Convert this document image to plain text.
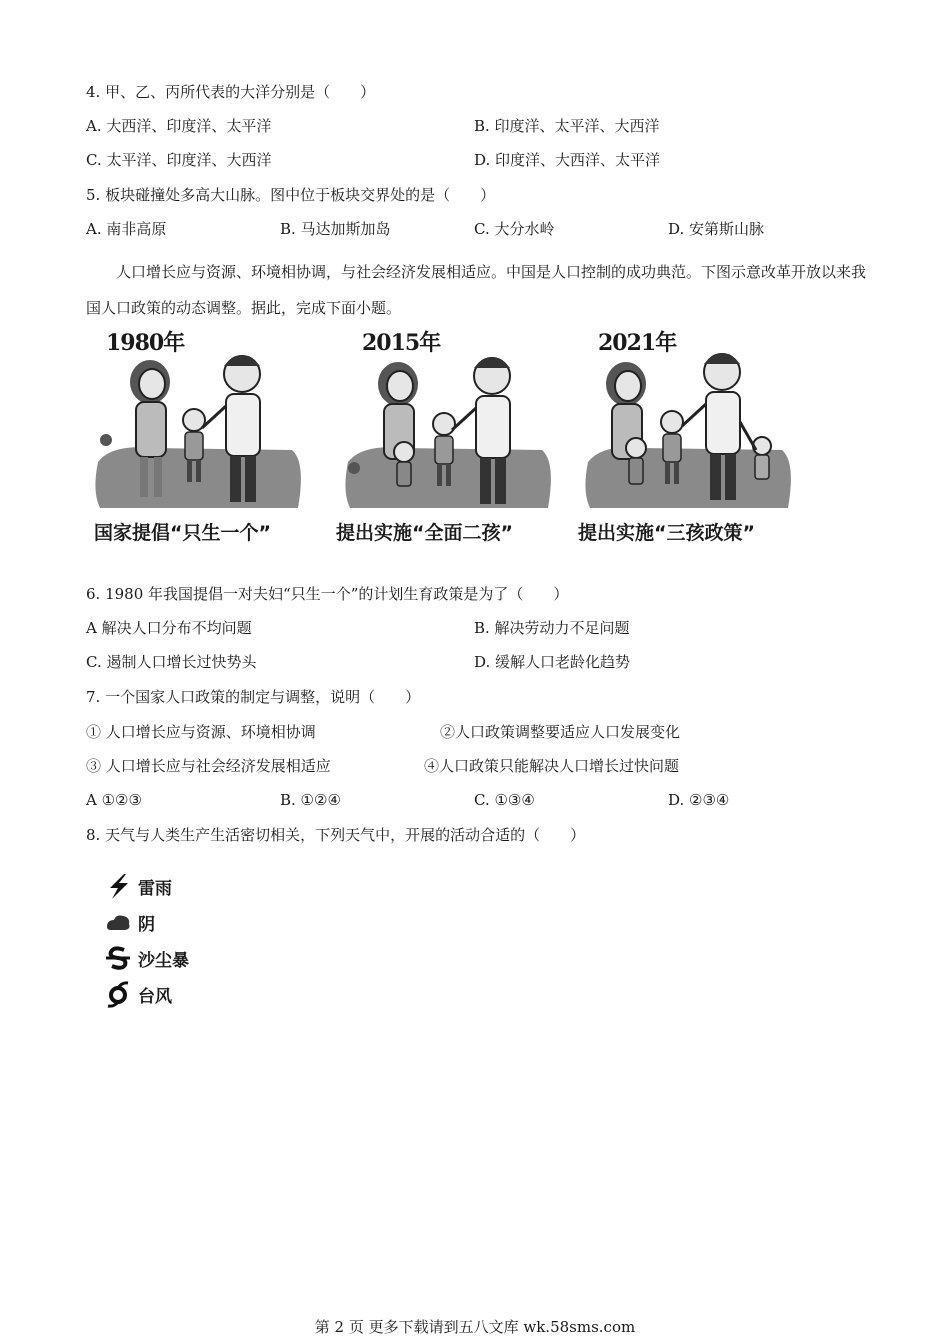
4. 甲、乙、丙所代表的大洋分别是（　　）
A. 大西洋、印度洋、太平洋	B. 印度洋、太平洋、大西洋
C. 太平洋、印度洋、大西洋	D. 印度洋、大西洋、太平洋
5. 板块碰撞处多高大山脉。图中位于板块交界处的是（　　）
A. 南非高原	B. 马达加斯加岛	C. 大分水岭	D. 安第斯山脉
人口增长应与资源、环境相协调，与社会经济发展相适应。中国是人口控制的成功典范。下图示意改革开放以来我国人口政策的动态调整。据此，完成下面小题。
1980年
国家提倡“只生一个”
2015年
提出实施“全面二孩”
2021年
提出实施“三孩政策”
6. 1980 年我国提倡一对夫妇“只生一个”的计划生育政策是为了（　　）
A 解决人口分布不均问题	B. 解决劳动力不足问题
C. 遏制人口增长过快势头	D. 缓解人口老龄化趋势
7. 一个国家人口政策的制定与调整，说明（　　）
① 人口增长应与资源、环境相协调	②人口政策调整要适应人口发展变化
③ 人口增长应与社会经济发展相适应	④人口政策只能解决人口增长过快问题
A ①②③	B. ①②④	C. ①③④	D. ②③④
8. 天气与人类生产生活密切相关，下列天气中，开展的活动合适的（　　）
雷雨
阴
沙尘暴
台风
第 2 页 更多下载请到五八文库 wk.58sms.com
